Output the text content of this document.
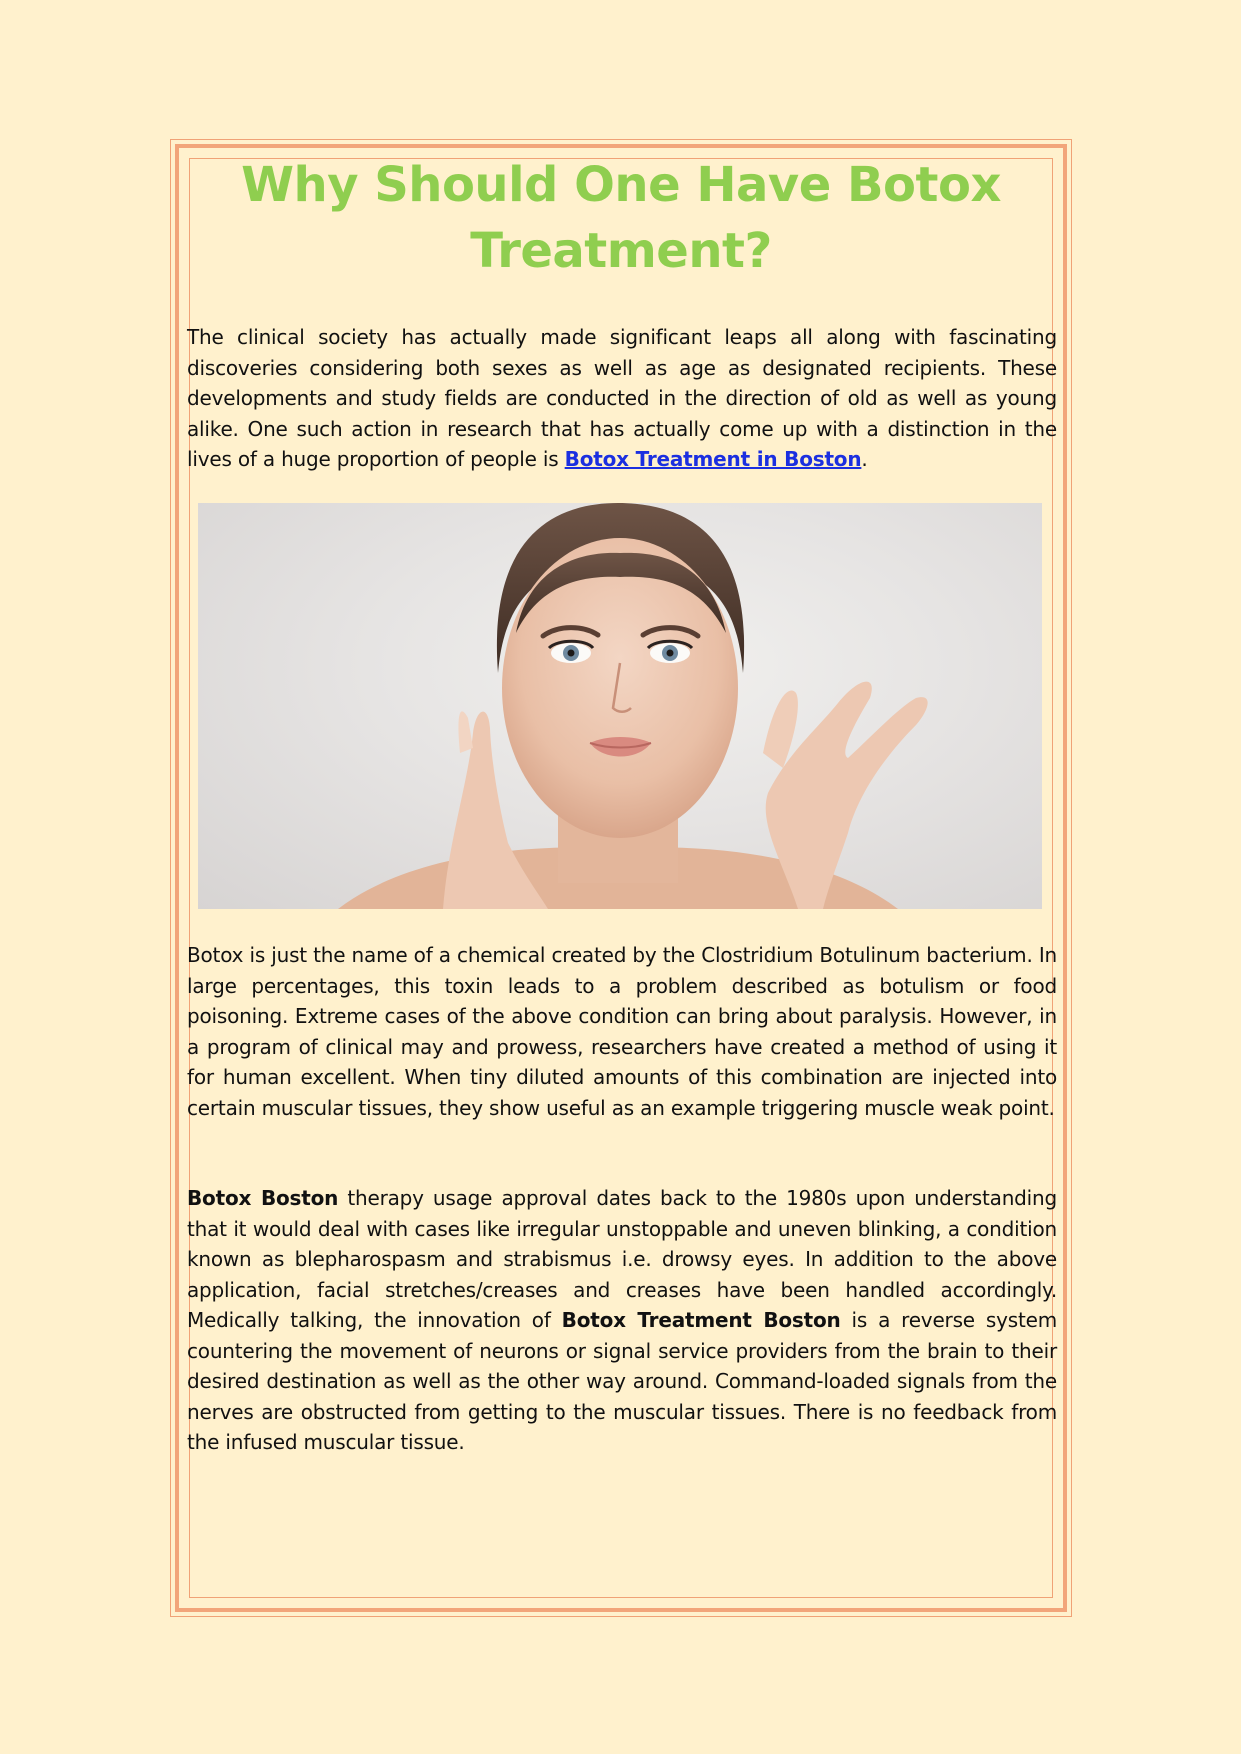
Why Should One Have Botox Treatment?

The clinical society has actually made significant leaps all along with fascinating discoveries considering both sexes as well as age as designated recipients. These developments and study fields are conducted in the direction of old as well as young alike. One such action in research that has actually come up with a distinction in the lives of a huge proportion of people is Botox Treatment in Boston.

Botox is just the name of a chemical created by the Clostridium Botulinum bacterium. In large percentages, this toxin leads to a problem described as botulism or food poisoning. Extreme cases of the above condition can bring about paralysis. However, in a program of clinical may and prowess, researchers have created a method of using it for human excellent. When tiny diluted amounts of this combination are injected into certain muscular tissues, they show useful as an example triggering muscle weak point.

Botox Boston therapy usage approval dates back to the 1980s upon understanding that it would deal with cases like irregular unstoppable and uneven blinking, a condition known as blepharospasm and strabismus i.e. drowsy eyes. In addition to the above application, facial stretches/creases and creases have been handled accordingly. Medically talking, the innovation of Botox Treatment Boston is a reverse system countering the movement of neurons or signal service providers from the brain to their desired destination as well as the other way around. Command-loaded signals from the nerves are obstructed from getting to the muscular tissues. There is no feedback from the infused muscular tissue.
